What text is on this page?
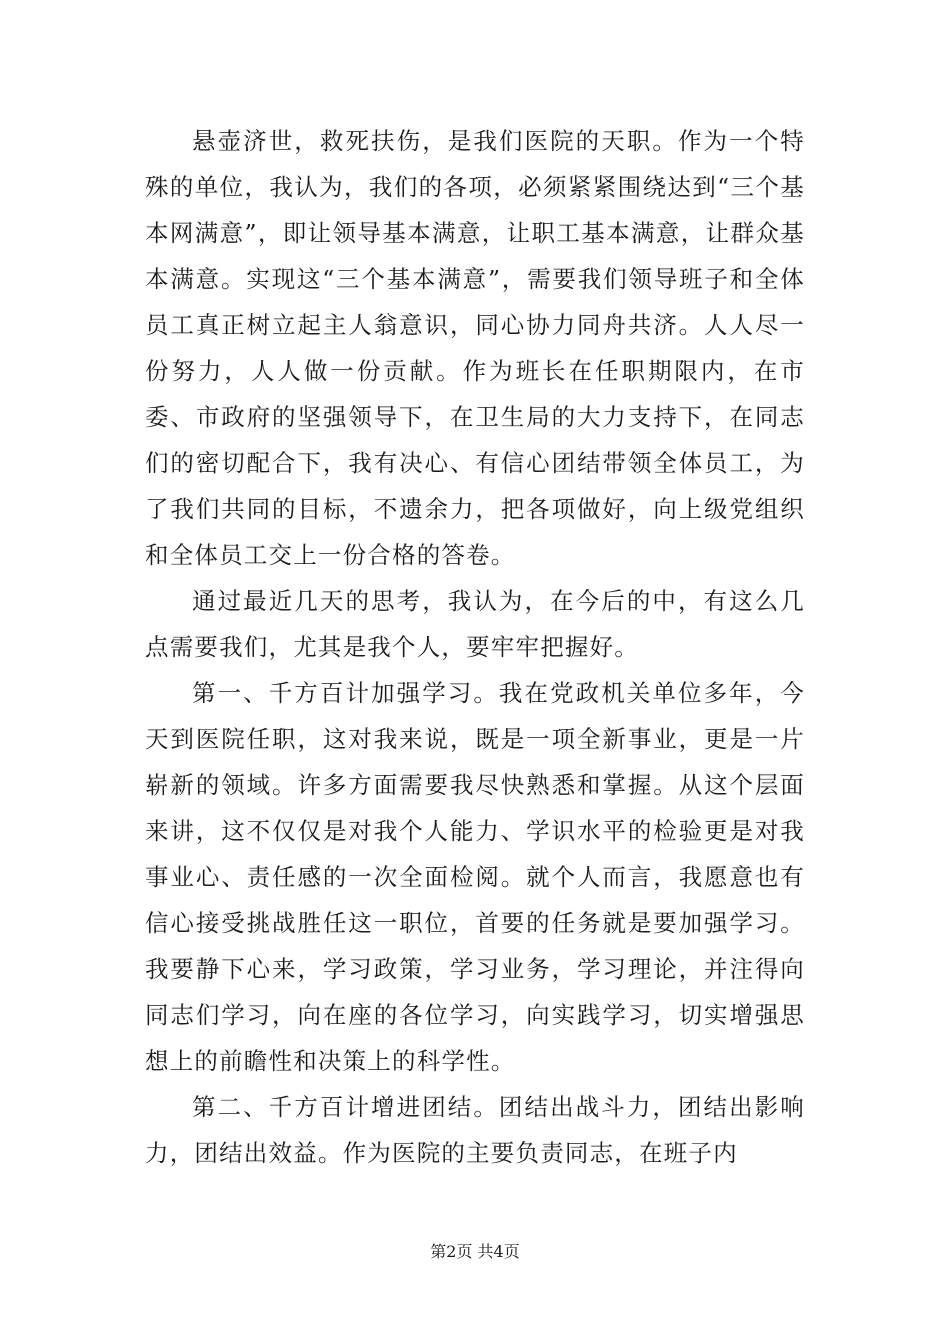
悬壶济世，救死扶伤，是我们医院的天职。作为一个特殊的单位，我认为，我们的各项，必须紧紧围绕达到“三个基本网满意”，即让领导基本满意，让职工基本满意，让群众基本满意。实现这“三个基本满意”，需要我们领导班子和全体员工真正树立起主人翁意识，同心协力同舟共济。人人尽一份努力，人人做一份贡献。作为班长在任职期限内，在市委、市政府的坚强领导下，在卫生局的大力支持下，在同志们的密切配合下，我有决心、有信心团结带领全体员工，为了我们共同的目标，不遗余力，把各项做好，向上级党组织和全体员工交上一份合格的答卷。

通过最近几天的思考，我认为，在今后的中，有这么几点需要我们，尤其是我个人，要牢牢把握好。

第一、千方百计加强学习。我在党政机关单位多年，今天到医院任职，这对我来说，既是一项全新事业，更是一片崭新的领域。许多方面需要我尽快熟悉和掌握。从这个层面来讲，这不仅仅是对我个人能力、学识水平的检验更是对我事业心、责任感的一次全面检阅。就个人而言，我愿意也有信心接受挑战胜任这一职位，首要的任务就是要加强学习。我要静下心来，学习政策，学习业务，学习理论，并注得向同志们学习，向在座的各位学习，向实践学习，切实增强思想上的前瞻性和决策上的科学性。

第二、千方百计增进团结。团结出战斗力，团结出影响力，团结出效益。作为医院的主要负责同志，在班子内

第2页 共4页
